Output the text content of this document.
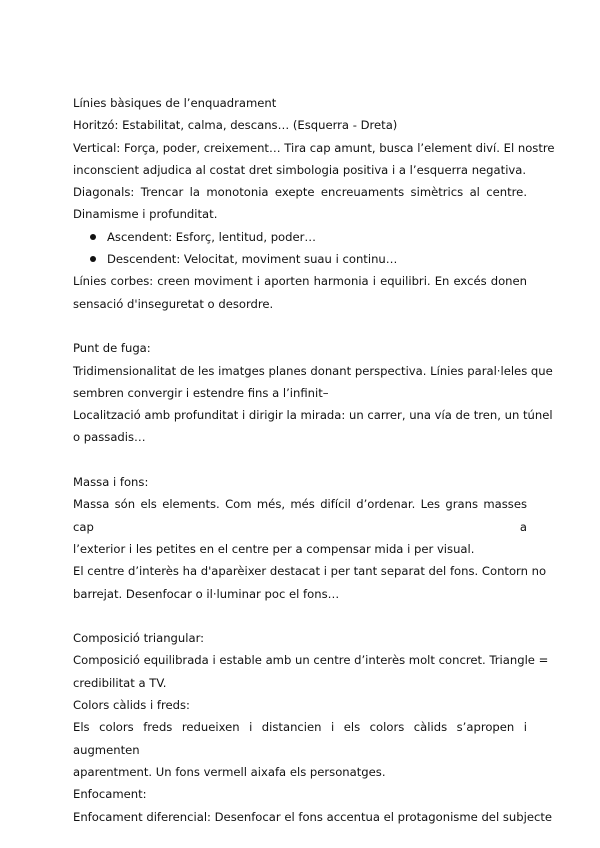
Línies bàsiques de l’enquadrament

Horitzó: Estabilitat, calma, descans… (Esquerra - Dreta)

Vertical: Força, poder, creixement… Tira cap amunt, busca l’element diví. El nostre

inconscient adjudica al costat dret simbologia positiva i a l’esquerra negativa.

Diagonals: Trencar la monotonia exepte encreuaments simètrics al centre.

Dinamisme i profunditat.

Ascendent: Esforç, lentitud, poder…
Descendent: Velocitat, moviment suau i continu…

Línies corbes: creen moviment i aporten harmonia i equilibri. En excés donen

sensació d'inseguretat o desordre.

Punt de fuga:

Tridimensionalitat de les imatges planes donant perspectiva. Línies paral·leles que

sembren convergir i estendre fins a l’infinit–

Localització amb profunditat i dirigir la mirada: un carrer, una vía de tren, un túnel

o passadis…

Massa i fons:

Massa són els elements. Com més, més difícil d’ordenar. Les grans masses cap a

l’exterior i les petites en el centre per a compensar mida i per visual.

El centre d’interès ha d'aparèixer destacat i per tant separat del fons. Contorn no

barrejat. Desenfocar o il·luminar poc el fons…

Composició triangular:

Composició equilibrada i estable amb un centre d’interès molt concret. Triangle =

credibilitat a TV.

Colors càlids i freds:

Els colors freds redueixen i distancien i els colors càlids s’apropen i augmenten

aparentment. Un fons vermell aixafa els personatges.

Enfocament:

Enfocament diferencial: Desenfocar el fons accentua el protagonisme del subjecte
